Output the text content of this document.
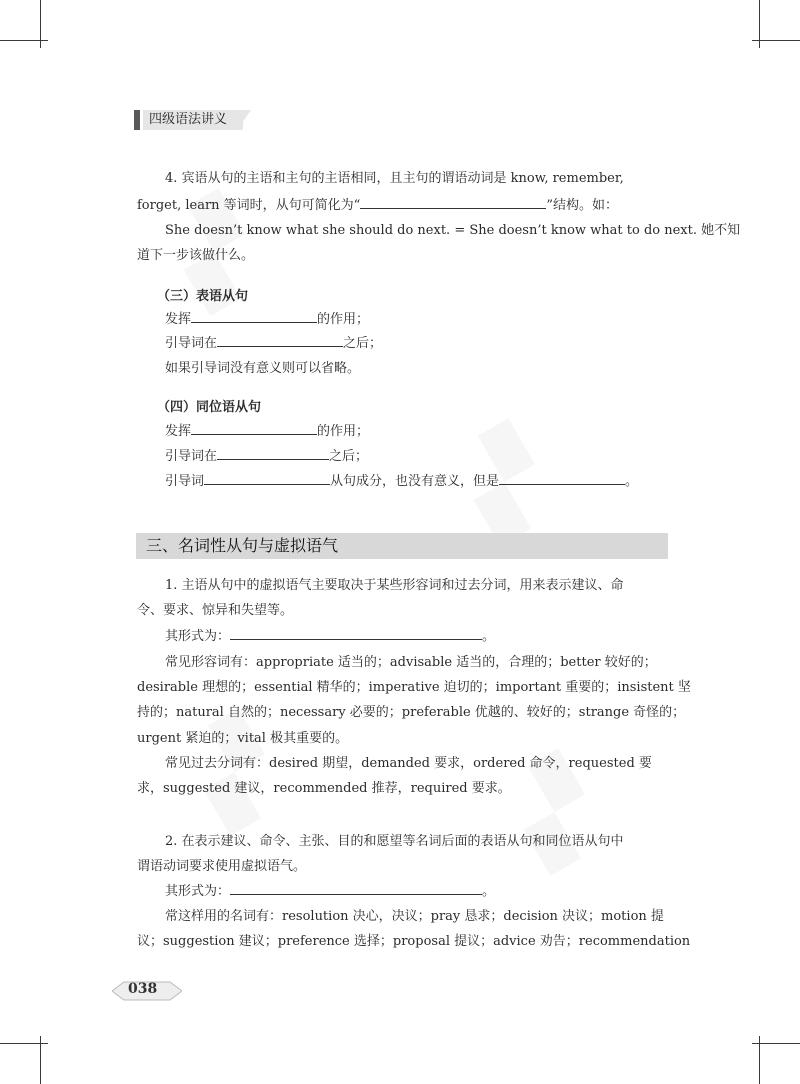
四级语法讲义
4. 宾语从句的主语和主句的主语相同，且主句的谓语动词是 know, remember,
forget, learn 等词时，从句可简化为“	”结构。如：
She doesn’t know what she should do next. = She doesn’t know what to do next. 她不知
道下一步该做什么。
（三）表语从句
发挥	的作用；
引导词在	之后；
如果引导词没有意义则可以省略。
（四）同位语从句
发挥	的作用；
引导词在	之后；
引导词	从句成分，也没有意义，但是	。
三、名词性从句与虚拟语气
1. 主语从句中的虚拟语气主要取决于某些形容词和过去分词，用来表示建议、命
令、要求、惊异和失望等。
其形式为：	。
常见形容词有：appropriate 适当的；advisable 适当的，合理的；better 较好的；
desirable 理想的；essential 精华的；imperative 迫切的；important 重要的；insistent 坚
持的；natural 自然的；necessary 必要的；preferable 优越的、较好的；strange 奇怪的；
urgent 紧迫的；vital 极其重要的。
常见过去分词有：desired 期望，demanded 要求，ordered 命令，requested 要
求，suggested 建议，recommended 推荐，required 要求。
2. 在表示建议、命令、主张、目的和愿望等名词后面的表语从句和同位语从句中
谓语动词要求使用虚拟语气。
其形式为：	。
常这样用的名词有：resolution 决心，决议；pray 恳求；decision 决议；motion 提
议；suggestion 建议；preference 选择；proposal 提议；advice 劝告；recommendation
038
